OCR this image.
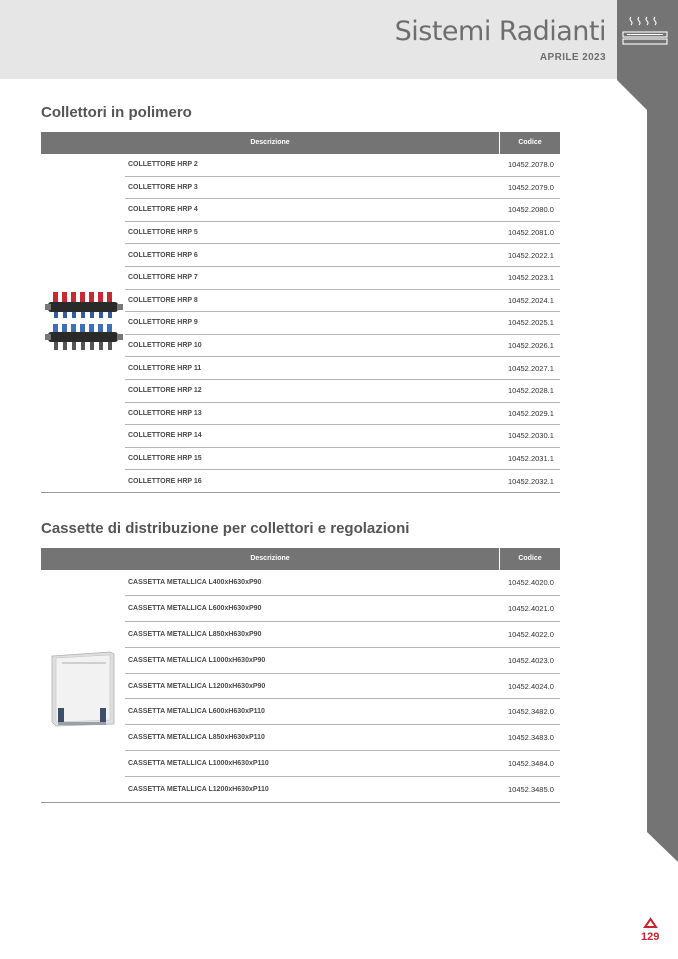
Sistemi Radianti
APRILE 2023
Collettori in polimero
Descrizione	Codice
COLLETTORE HRP 2	10452.2078.0
COLLETTORE HRP 3	10452.2079.0
COLLETTORE HRP 4	10452.2080.0
COLLETTORE HRP 5	10452.2081.0
COLLETTORE HRP 6	10452.2022.1
COLLETTORE HRP 7	10452.2023.1
COLLETTORE HRP 8	10452.2024.1
COLLETTORE HRP 9	10452.2025.1
COLLETTORE HRP 10	10452.2026.1
COLLETTORE HRP 11	10452.2027.1
COLLETTORE HRP 12	10452.2028.1
COLLETTORE HRP 13	10452.2029.1
COLLETTORE HRP 14	10452.2030.1
COLLETTORE HRP 15	10452.2031.1
COLLETTORE HRP 16	10452.2032.1
Cassette di distribuzione per collettori e regolazioni
Descrizione	Codice
CASSETTA METALLICA L400xH630xP90	10452.4020.0
CASSETTA METALLICA L600xH630xP90	10452.4021.0
CASSETTA METALLICA L850xH630xP90	10452.4022.0
CASSETTA METALLICA L1000xH630xP90	10452.4023.0
CASSETTA METALLICA L1200xH630xP90	10452.4024.0
CASSETTA METALLICA L600xH630xP110	10452.3482.0
CASSETTA METALLICA L850xH630xP110	10452.3483.0
CASSETTA METALLICA L1000xH630xP110	10452.3484.0
CASSETTA METALLICA L1200xH630xP110	10452.3485.0
BIASI
129
